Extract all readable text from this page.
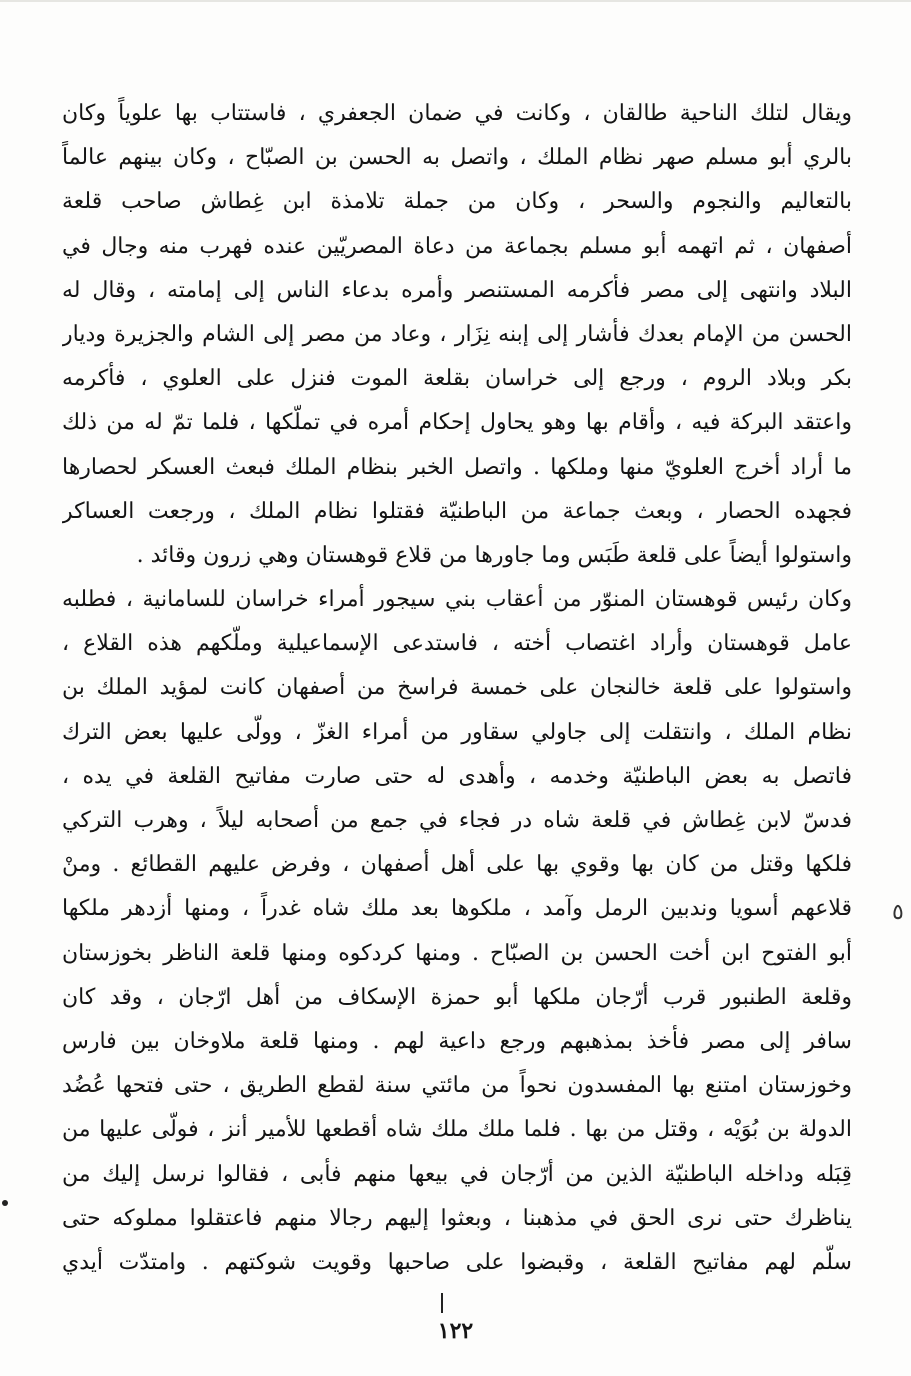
ويقال لتلك الناحية طالقان ، وكانت في ضمان الجعفري ، فاستتاب بها علوياً وكان
بالري أبو مسلم صهر نظام الملك ، واتصل به الحسن بن الصبّاح ، وكان بينهم عالماً
بالتعاليم والنجوم والسحر ، وكان من جملة تلامذة ابن غِطاش صاحب قلعة
أصفهان ، ثم اتهمه أبو مسلم بجماعة من دعاة المصريّين عنده فهرب منه وجال في
البلاد وانتهى إلى مصر فأكرمه المستنصر وأمره بدعاء الناس إلى إمامته ، وقال له
الحسن من الإمام بعدك فأشار إلى إبنه نِزَار ، وعاد من مصر إلى الشام والجزيرة وديار
بكر وبلاد الروم ، ورجع إلى خراسان بقلعة الموت فنزل على العلوي ، فأكرمه
واعتقد البركة فيه ، وأقام بها وهو يحاول إحكام أمره في تملّكها ، فلما تمّ له من ذلك
ما أراد أخرج العلويّ منها وملكها . واتصل الخبر بنظام الملك فبعث العسكر لحصارها
فجهده الحصار ، وبعث جماعة من الباطنيّة فقتلوا نظام الملك ، ورجعت العساكر
واستولوا أيضاً على قلعة طَبَس وما جاورها من قلاع قوهستان وهي زرون وقائد .
وكان رئيس قوهستان المنوّر من أعقاب بني سيجور أمراء خراسان للسامانية ، فطلبه
عامل قوهستان وأراد اغتصاب أخته ، فاستدعى الإسماعيلية وملّكهم هذه القلاع ،
واستولوا على قلعة خالنجان على خمسة فراسخ من أصفهان كانت لمؤيد الملك بن
نظام الملك ، وانتقلت إلى جاولي سقاور من أمراء الغزّ ، وولّى عليها بعض الترك
فاتصل به بعض الباطنيّة وخدمه ، وأهدى له حتى صارت مفاتيح القلعة في يده ،
فدسّ لابن غِطاش في قلعة شاه در فجاء في جمع من أصحابه ليلاً ، وهرب التركي
فلكها وقتل من كان بها وقوي بها على أهل أصفهان ، وفرض عليهم القطائع . ومنْ
قلاعهم أسويا وندبين الرمل وآمد ، ملكوها بعد ملك شاه غدراً ، ومنها أزدهر ملكها
أبو الفتوح ابن أخت الحسن بن الصبّاح . ومنها كردكوه ومنها قلعة الناظر بخوزستان
وقلعة الطنبور قرب أرّجان ملكها أبو حمزة الإسكاف من أهل ارّجان ، وقد كان
سافر إلى مصر فأخذ بمذهبهم ورجع داعية لهم . ومنها قلعة ملاوخان بين فارس
وخوزستان امتنع بها المفسدون نحواً من مائتي سنة لقطع الطريق ، حتى فتحها عُضُد
الدولة بن بُوَيْه ، وقتل من بها . فلما ملك ملك شاه أقطعها للأمير أنز ، فولّى عليها من
قِبَله وداخله الباطنيّة الذين من أرّجان في بيعها منهم فأبى ، فقالوا نرسل إليك من
يناظرك حتى نرى الحق في مذهبنا ، وبعثوا إليهم رجالا منهم فاعتقلوا مملوكه حتى
سلّم لهم مفاتيح القلعة ، وقبضوا على صاحبها وقويت شوكتهم . وامتدّت أيدي
٥
١٢٢
